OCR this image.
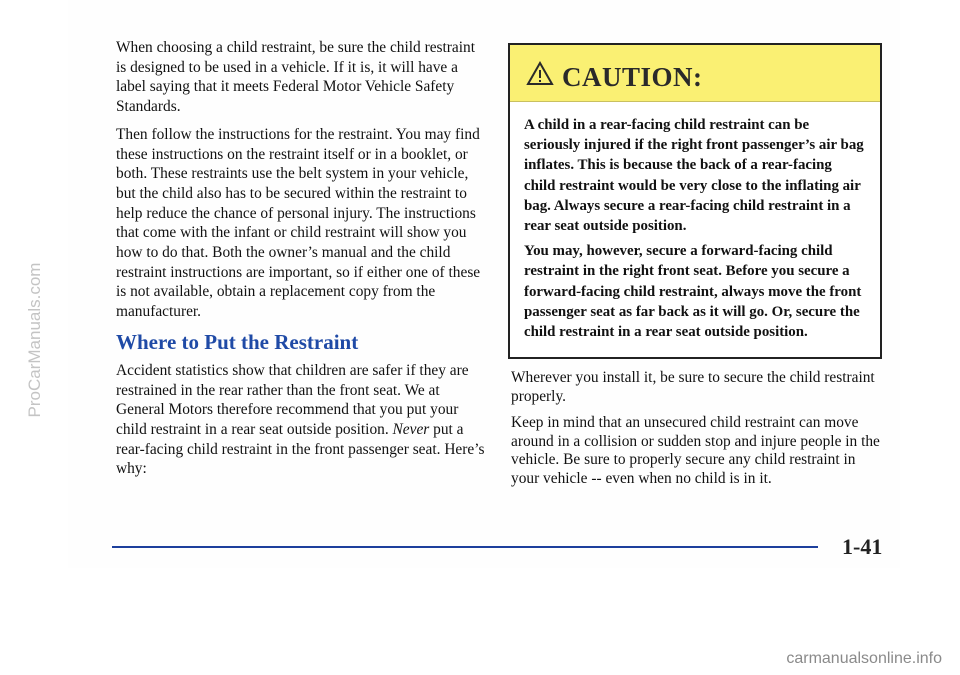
ProCarManuals.com

When choosing a child restraint, be sure the child restraint is designed to be used in a vehicle. If it is, it will have a label saying that it meets Federal Motor Vehicle Safety Standards.

Then follow the instructions for the restraint. You may find these instructions on the restraint itself or in a booklet, or both. These restraints use the belt system in your vehicle, but the child also has to be secured within the restraint to help reduce the chance of personal injury. The instructions that come with the infant or child restraint will show you how to do that. Both the owner’s manual and the child restraint instructions are important, so if either one of these is not available, obtain a replacement copy from the manufacturer.

Where to Put the Restraint

Accident statistics show that children are safer if they are restrained in the rear rather than the front seat. We at General Motors therefore recommend that you put your child restraint in a rear seat outside position. Never put a rear-facing child restraint in the front passenger seat. Here’s why:

CAUTION:

A child in a rear-facing child restraint can be seriously injured if the right front passenger’s air bag inflates. This is because the back of a rear-facing child restraint would be very close to the inflating air bag. Always secure a rear-facing child restraint in a rear seat outside position.

You may, however, secure a forward-facing child restraint in the right front seat. Before you secure a forward-facing child restraint, always move the front passenger seat as far back as it will go. Or, secure the child restraint in a rear seat outside position.

Wherever you install it, be sure to secure the child restraint properly.

Keep in mind that an unsecured child restraint can move around in a collision or sudden stop and injure people in the vehicle. Be sure to properly secure any child restraint in your vehicle -- even when no child is in it.

1-41
carmanualsonline.info
